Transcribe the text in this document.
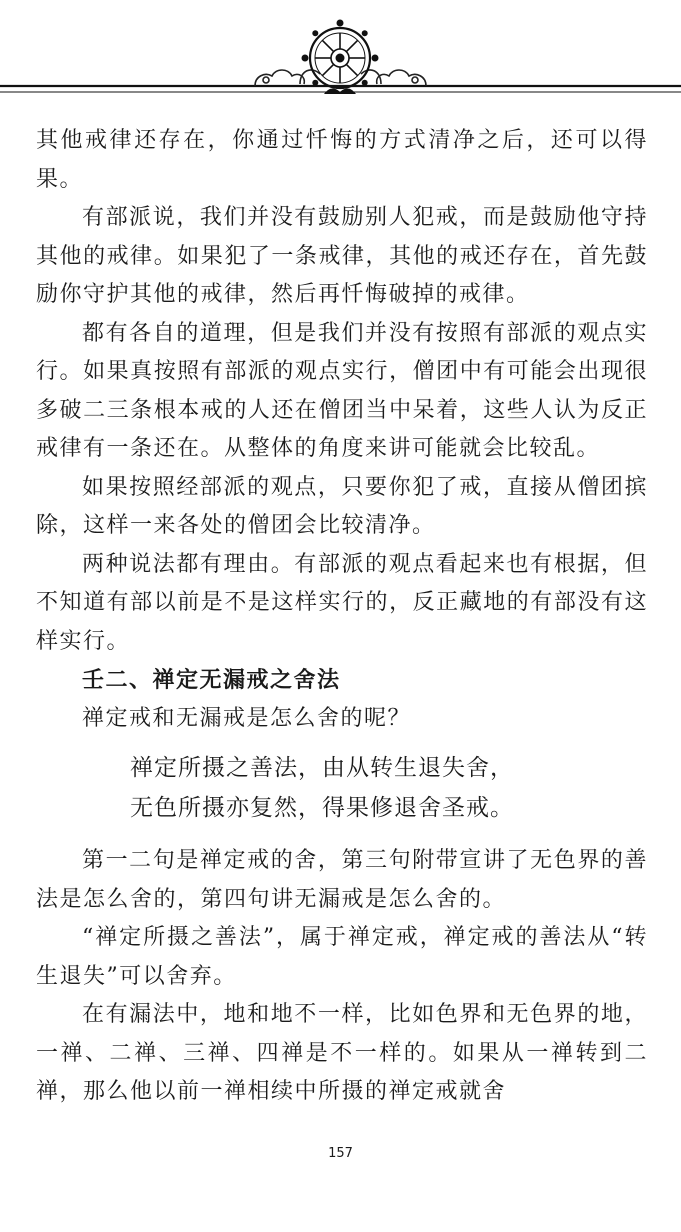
其他戒律还存在，你通过忏悔的方式清净之后，还可以得果。

有部派说，我们并没有鼓励别人犯戒，而是鼓励他守持其他的戒律。如果犯了一条戒律，其他的戒还存在，首先鼓励你守护其他的戒律，然后再忏悔破掉的戒律。

都有各自的道理，但是我们并没有按照有部派的观点实行。如果真按照有部派的观点实行，僧团中有可能会出现很多破二三条根本戒的人还在僧团当中呆着，这些人认为反正戒律有一条还在。从整体的角度来讲可能就会比较乱。

如果按照经部派的观点，只要你犯了戒，直接从僧团摈除，这样一来各处的僧团会比较清净。

两种说法都有理由。有部派的观点看起来也有根据，但不知道有部以前是不是这样实行的，反正藏地的有部没有这样实行。

壬二、禅定无漏戒之舍法

禅定戒和无漏戒是怎么舍的呢？

禅定所摄之善法，由从转生退失舍，

无色所摄亦复然，得果修退舍圣戒。

第一二句是禅定戒的舍，第三句附带宣讲了无色界的善法是怎么舍的，第四句讲无漏戒是怎么舍的。

“禅定所摄之善法”，属于禅定戒，禅定戒的善法从“转生退失”可以舍弃。

在有漏法中，地和地不一样，比如色界和无色界的地，一禅、二禅、三禅、四禅是不一样的。如果从一禅转到二禅，那么他以前一禅相续中所摄的禅定戒就舍

157
